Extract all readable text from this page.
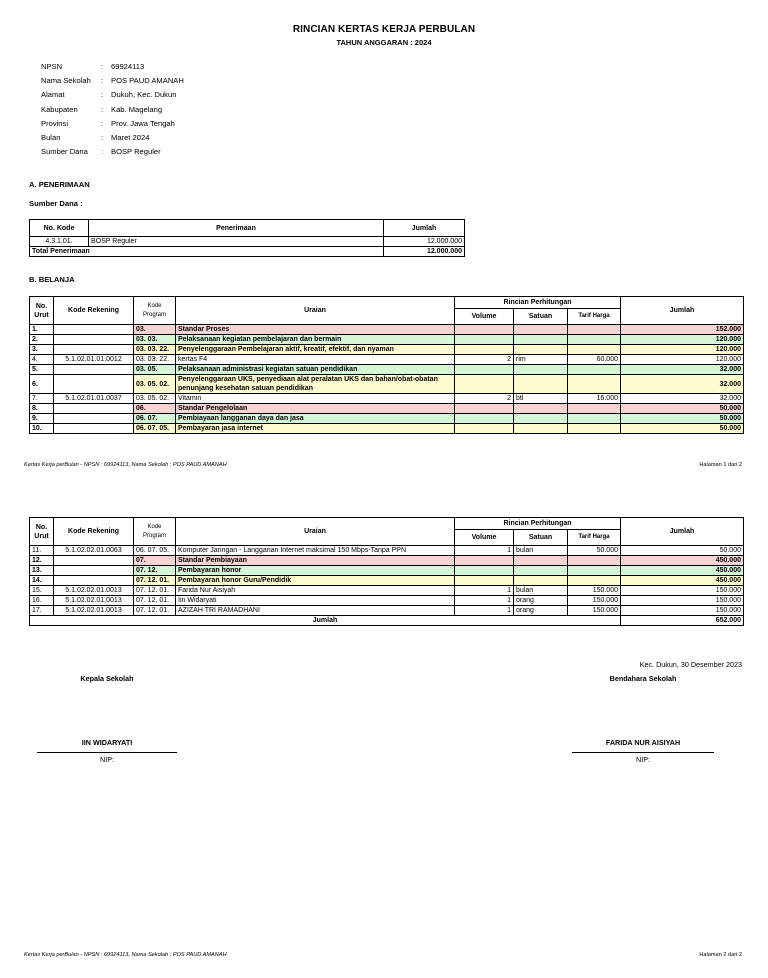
RINCIAN KERTAS KERJA PERBULAN
TAHUN ANGGARAN : 2024
NPSN	:	69924113
Nama Sekolah	:	POS PAUD AMANAH
Alamat	:	Dukuh, Kec. Dukun
Kabupaten	:	Kab. Magelang
Provinsi	:	Prov. Jawa Tengah
Bulan	:	Maret 2024
Sumber Dana	:	BOSP Reguler
A. PENERIMAAN
Sumber Dana :
No. Kode	Penerimaan	Jumlah
4.3.1.01.	BOSP Reguler	12.000.000
Total Penerimaan		12.000.000
B. BELANJA
No.
Urut	Kode Rekening	Kode
Program	Uraian	Rincian Perhitungan			Jumlah
				Volume	Satuan	Tarif Harga	
1.		03.	Standar Proses				152.000
2.		03. 03.	Pelaksanaan kegiatan pembelajaran dan bermain				120.000
3.		03. 03. 22.	Penyelenggaraan Pembelajaran aktif, kreatif, efektif, dan nyaman				120.000
4.	5.1.02.01.01.0012	03. 03. 22.	kertas F4	2	rim	60.000	120.000
5.		03. 05.	Pelaksanaan administrasi kegiatan satuan pendidikan				32.000
6.		03. 05. 02.	Penyelenggaraan UKS, penyediaan alat peralatan UKS dan bahan/obat-obatan penunjang kesehatan satuan pendidikan				32.000
7.	5.1.02.01.01.0037	03. 05. 02.	Vitamin	2	btl	16.000	32.000
8.		06.	Standar Pengelolaan				50.000
9.		06. 07.	Pembiayaan langganan daya dan jasa				50.000
10.		06. 07. 05.	Pembayaran jasa internet				50.000
Kertas Kerja perBulan - NPSN : 69924113, Nama Sekolah : POS PAUD AMANAH	Halaman 1 dari 2
No.
Urut	Kode Rekening	Kode
Program	Uraian	Rincian Perhitungan			Jumlah
				Volume	Satuan	Tarif Harga	
11.	5.1.02.02.01.0063	06. 07. 05.	Komputer Jaringan - Langganan Internet maksimal 150 Mbps-Tanpa PPN	1	bulan	50.000	50.000
12.		07.	Standar Pembiayaan				450.000
13.		07. 12.	Pembayaran honor				450.000
14.		07. 12. 01.	Pembayaran honor Guru/Pendidik				450.000
15.	5.1.02.02.01.0013	07. 12. 01.	Farida Nur Aisiyah	1	bulan	150.000	150.000
16.	5.1.02.02.01.0013	07. 12. 01.	Iin Widaryati	1	orang	150.000	150.000
17.	5.1.02.02.01.0013	07. 12. 01.	AZIZAH TRI RAMADHANI	1	orang	150.000	150.000
Jumlah							652.000
Kec. Dukun, 30 Desember 2023
Kepala Sekolah	Bendahara Sekolah
IIN WIDARYATI
NIP:
FARIDA NUR AISIYAH
NIP:
Kertas Kerja perBulan - NPSN : 69924113, Nama Sekolah : POS PAUD AMANAH	Halaman 2 dari 2
